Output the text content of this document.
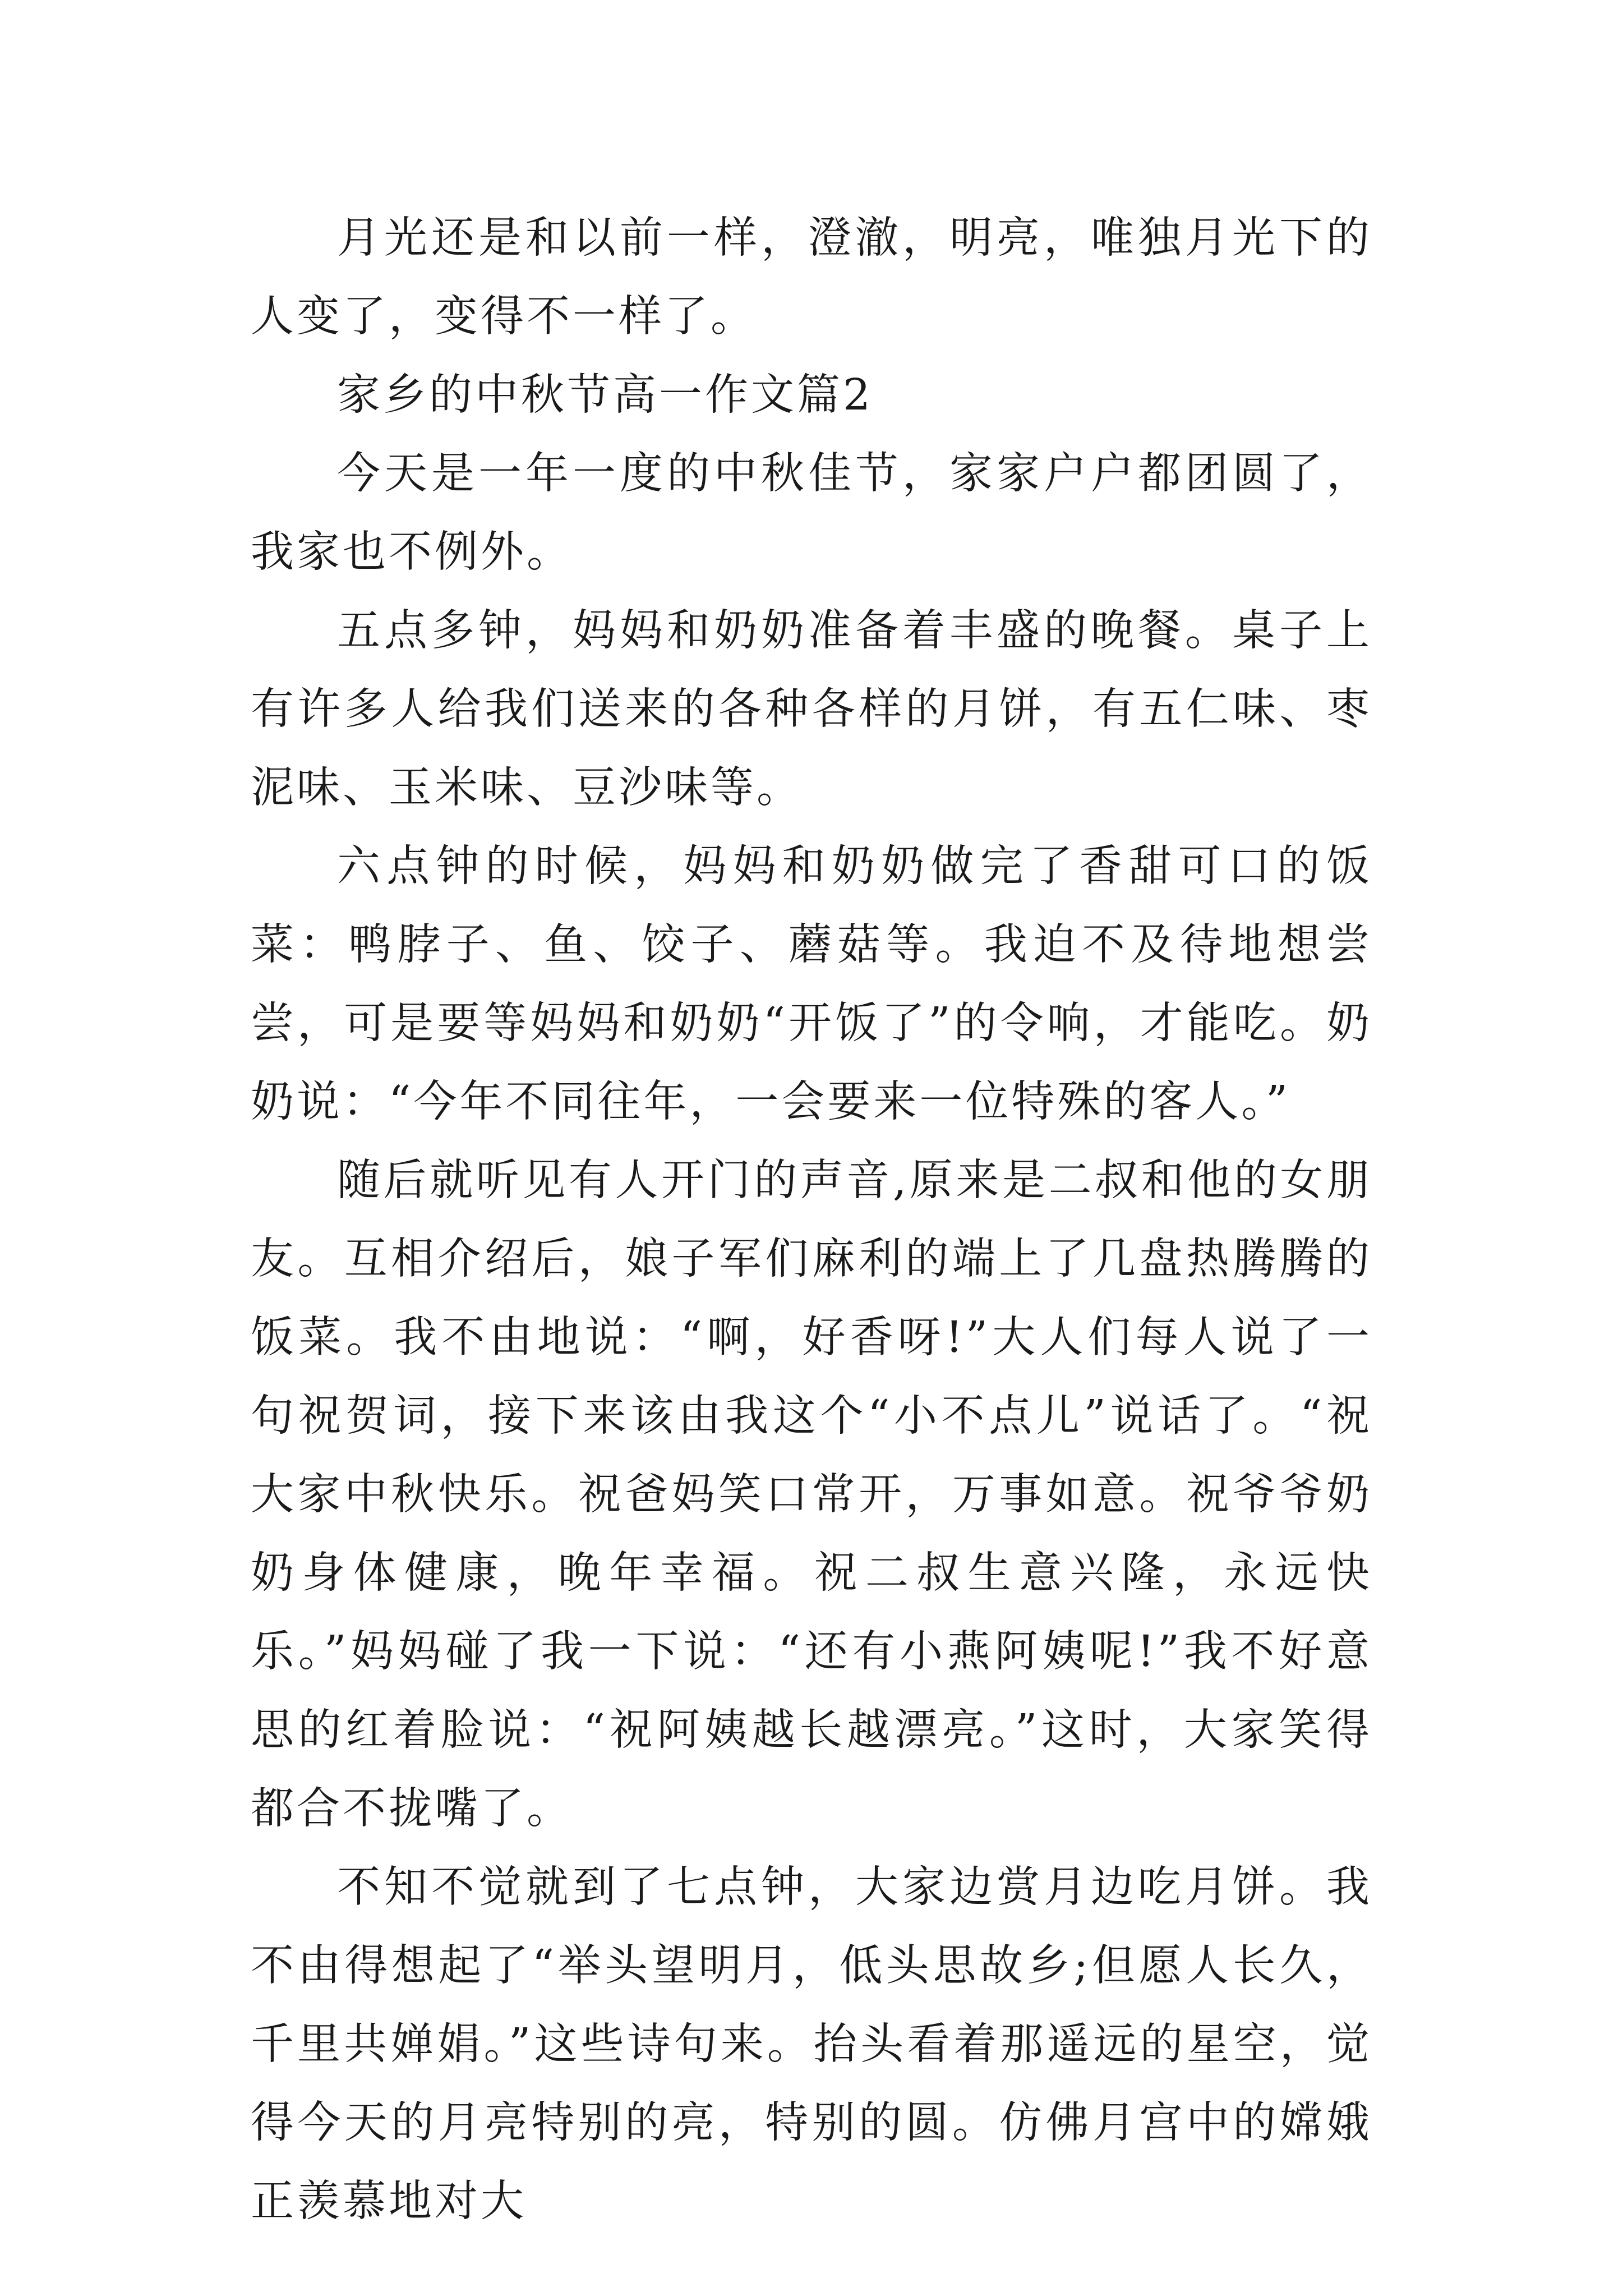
月光还是和以前一样，澄澈，明亮，唯独月光下的人变了，变得不一样了。

家乡的中秋节高一作文篇2

今天是一年一度的中秋佳节，家家户户都团圆了，我家也不例外。

五点多钟，妈妈和奶奶准备着丰盛的晚餐。桌子上有许多人给我们送来的各种各样的月饼，有五仁味、枣泥味、玉米味、豆沙味等。

六点钟的时候，妈妈和奶奶做完了香甜可口的饭菜：鸭脖子、鱼、饺子、蘑菇等。我迫不及待地想尝尝，可是要等妈妈和奶奶“开饭了”的令响，才能吃。奶奶说：“今年不同往年，一会要来一位特殊的客人。”

随后就听见有人开门的声音,原来是二叔和他的女朋友。互相介绍后，娘子军们麻利的端上了几盘热腾腾的饭菜。我不由地说：“啊，好香呀!”大人们每人说了一句祝贺词，接下来该由我这个“小不点儿”说话了。“祝大家中秋快乐。祝爸妈笑口常开，万事如意。祝爷爷奶奶身体健康，晚年幸福。祝二叔生意兴隆，永远快乐。”妈妈碰了我一下说：“还有小燕阿姨呢!”我不好意思的红着脸说：“祝阿姨越长越漂亮。”这时，大家笑得都合不拢嘴了。

不知不觉就到了七点钟，大家边赏月边吃月饼。我不由得想起了“举头望明月，低头思故乡;但愿人长久，千里共婵娟。”这些诗句来。抬头看着那遥远的星空，觉得今天的月亮特别的亮，特别的圆。仿佛月宫中的嫦娥正羡慕地对大
